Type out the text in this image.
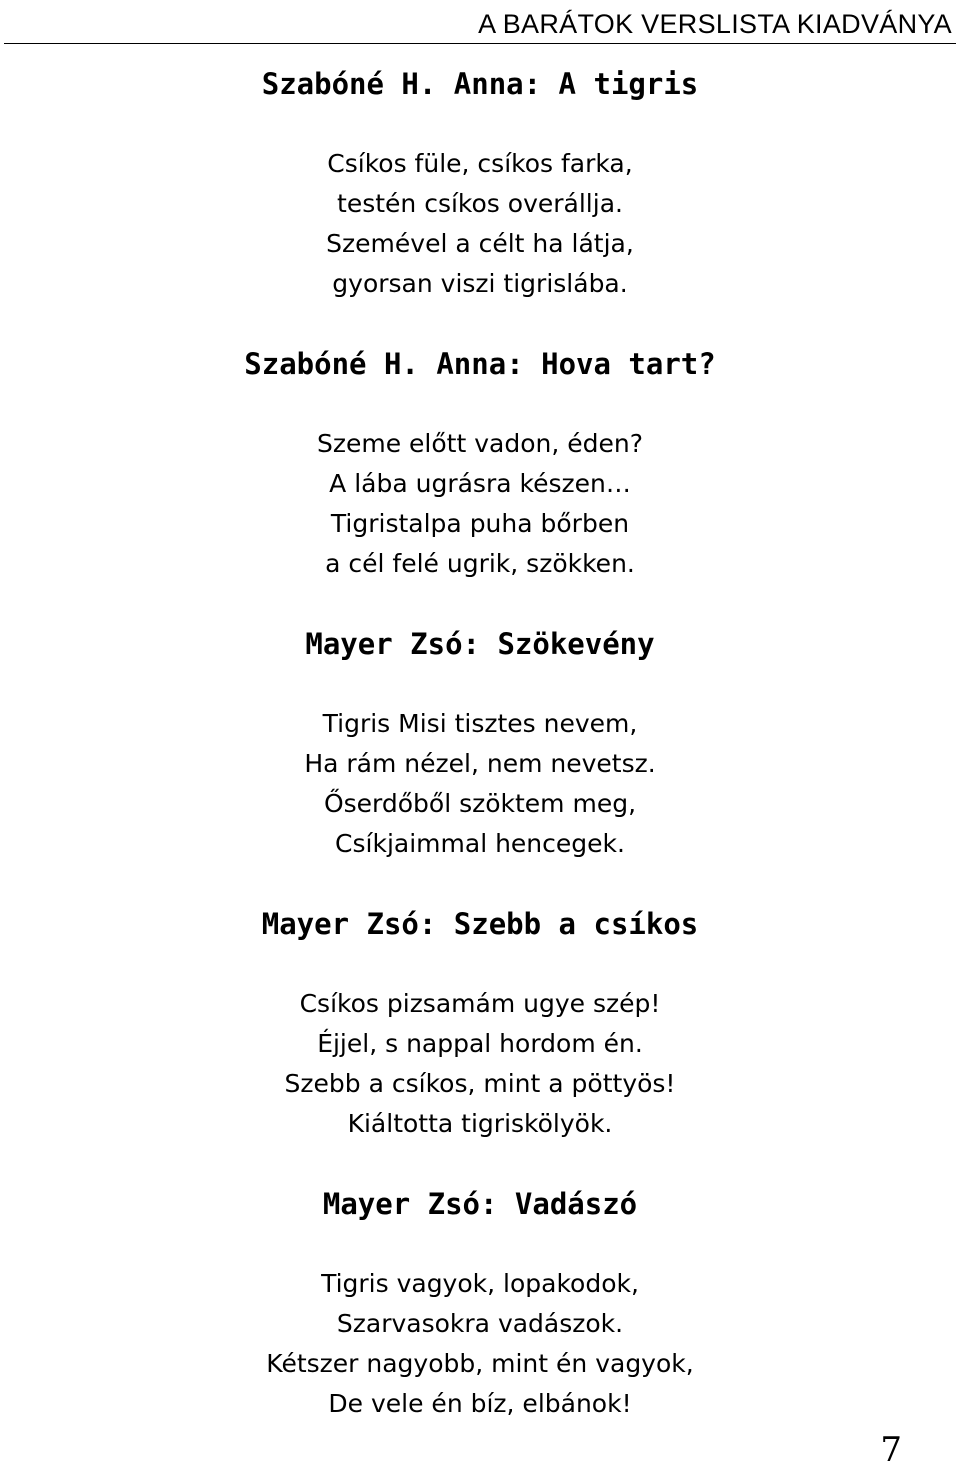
A BARÁTOK VERSLISTA KIADVÁNYA
Szabóné H. Anna: A tigris

Csíkos füle, csíkos farka,
testén csíkos overállja.
Szemével a célt ha látja,
gyorsan viszi tigrislába.

Szabóné H. Anna: Hova tart?

Szeme előtt vadon, éden?
A lába ugrásra készen…
Tigristalpa puha bőrben
a cél felé ugrik, szökken.

Mayer Zsó: Szökevény

Tigris Misi tisztes nevem,
Ha rám nézel, nem nevetsz.
Őserdőből szöktem meg,
Csíkjaimmal hencegek.

Mayer Zsó: Szebb a csíkos

Csíkos pizsamám ugye szép!
Éjjel, s nappal hordom én.
Szebb a csíkos, mint a pöttyös!
Kiáltotta tigriskölyök.

Mayer Zsó: Vadászó

Tigris vagyok, lopakodok,
Szarvasokra vadászok.
Kétszer nagyobb, mint én vagyok,
De vele én bíz, elbánok!

7
